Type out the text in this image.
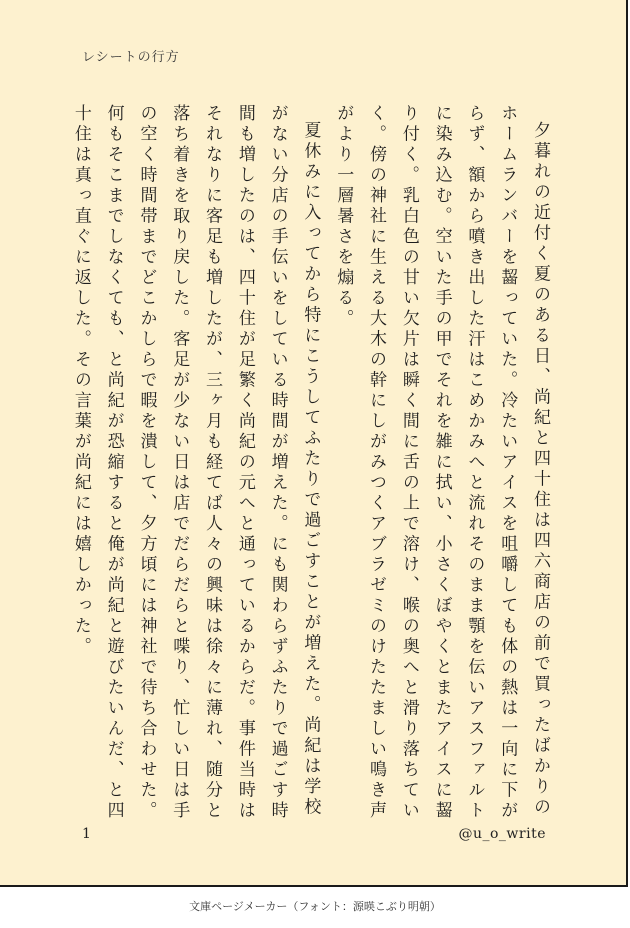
レシートの行方

夕暮れの近付く夏のある日、尚紀と四十住は四六商店の前で買ったばかりのホームランバーを齧っていた。冷たいアイスを咀嚼しても体の熱は一向に下がらず、額から噴き出した汗はこめかみへと流れそのまま顎を伝いアスファルトに染み込む。空いた手の甲でそれを雑に拭い、小さくぼやくとまたアイスに齧り付く。乳白色の甘い欠片は瞬く間に舌の上で溶け、喉の奥へと滑り落ちていく。傍の神社に生える大木の幹にしがみつくアブラゼミのけたたましい鳴き声がより一層暑さを煽る。

夏休みに入ってから特にこうしてふたりで過ごすことが増えた。尚紀は学校がない分店の手伝いをしている時間が増えた。にも関わらずふたりで過ごす時間も増したのは、四十住が足繁く尚紀の元へと通っているからだ。事件当時はそれなりに客足も増したが、三ヶ月も経てば人々の興味は徐々に薄れ、随分と落ち着きを取り戻した。客足が少ない日は店でだらだらと喋り、忙しい日は手の空く時間帯までどこかしらで暇を潰して、夕方頃には神社で待ち合わせた。何もそこまでしなくても、と尚紀が恐縮すると俺が尚紀と遊びたいんだ、と四十住は真っ直ぐに返した。その言葉が尚紀には嬉しかった。

1	@u_o_write
文庫ページメーカー（フォント：源暎こぶり明朝）
